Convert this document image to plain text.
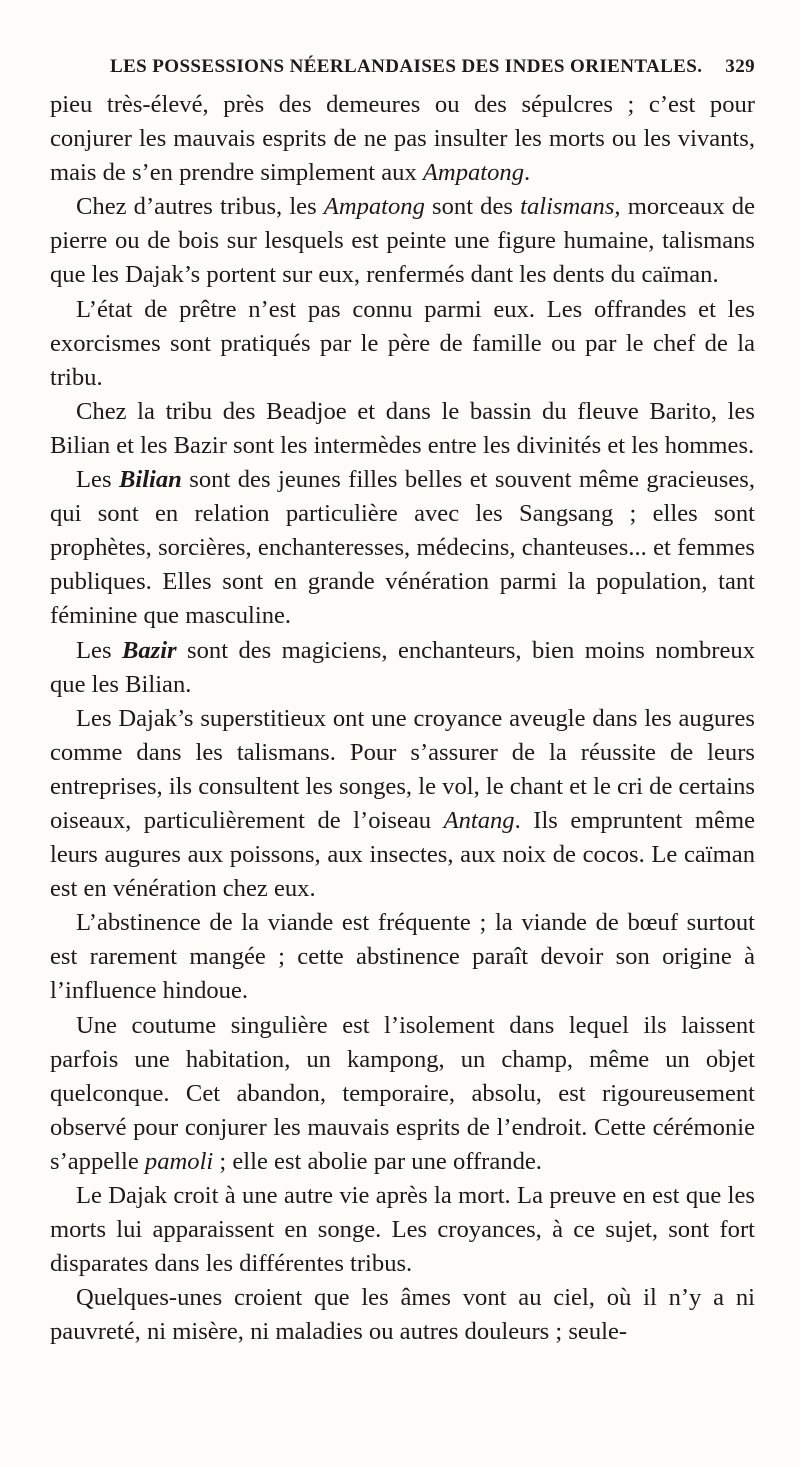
LES POSSESSIONS NÉERLANDAISES DES INDES ORIENTALES. 329

pieu très-élevé, près des demeures ou des sépulcres ; c’est pour conjurer les mauvais esprits de ne pas insulter les morts ou les vivants, mais de s’en prendre simplement aux Ampatong.

Chez d’autres tribus, les Ampatong sont des talismans, morceaux de pierre ou de bois sur lesquels est peinte une figure humaine, talismans que les Dajak’s portent sur eux, renfermés dant les dents du caïman.

L’état de prêtre n’est pas connu parmi eux. Les offrandes et les exorcismes sont pratiqués par le père de famille ou par le chef de la tribu.

Chez la tribu des Beadjoe et dans le bassin du fleuve Barito, les Bilian et les Bazir sont les intermèdes entre les divinités et les hommes.

Les Bilian sont des jeunes filles belles et souvent même gracieuses, qui sont en relation particulière avec les Sangsang ; elles sont prophètes, sorcières, enchanteresses, médecins, chanteuses... et femmes publiques. Elles sont en grande vénération parmi la population, tant féminine que masculine.

Les Bazir sont des magiciens, enchanteurs, bien moins nombreux que les Bilian.

Les Dajak’s superstitieux ont une croyance aveugle dans les augures comme dans les talismans. Pour s’assurer de la réussite de leurs entreprises, ils consultent les songes, le vol, le chant et le cri de certains oiseaux, particulièrement de l’oiseau Antang. Ils empruntent même leurs augures aux poissons, aux insectes, aux noix de cocos. Le caïman est en vénération chez eux.

L’abstinence de la viande est fréquente ; la viande de bœuf surtout est rarement mangée ; cette abstinence paraît devoir son origine à l’influence hindoue.

Une coutume singulière est l’isolement dans lequel ils laissent parfois une habitation, un kampong, un champ, même un objet quelconque. Cet abandon, temporaire, absolu, est rigoureusement observé pour conjurer les mauvais esprits de l’endroit. Cette cérémonie s’appelle pamoli ; elle est abolie par une offrande.

Le Dajak croit à une autre vie après la mort. La preuve en est que les morts lui apparaissent en songe. Les croyances, à ce sujet, sont fort disparates dans les différentes tribus.

Quelques-unes croient que les âmes vont au ciel, où il n’y a ni pauvreté, ni misère, ni maladies ou autres douleurs ; seule-
